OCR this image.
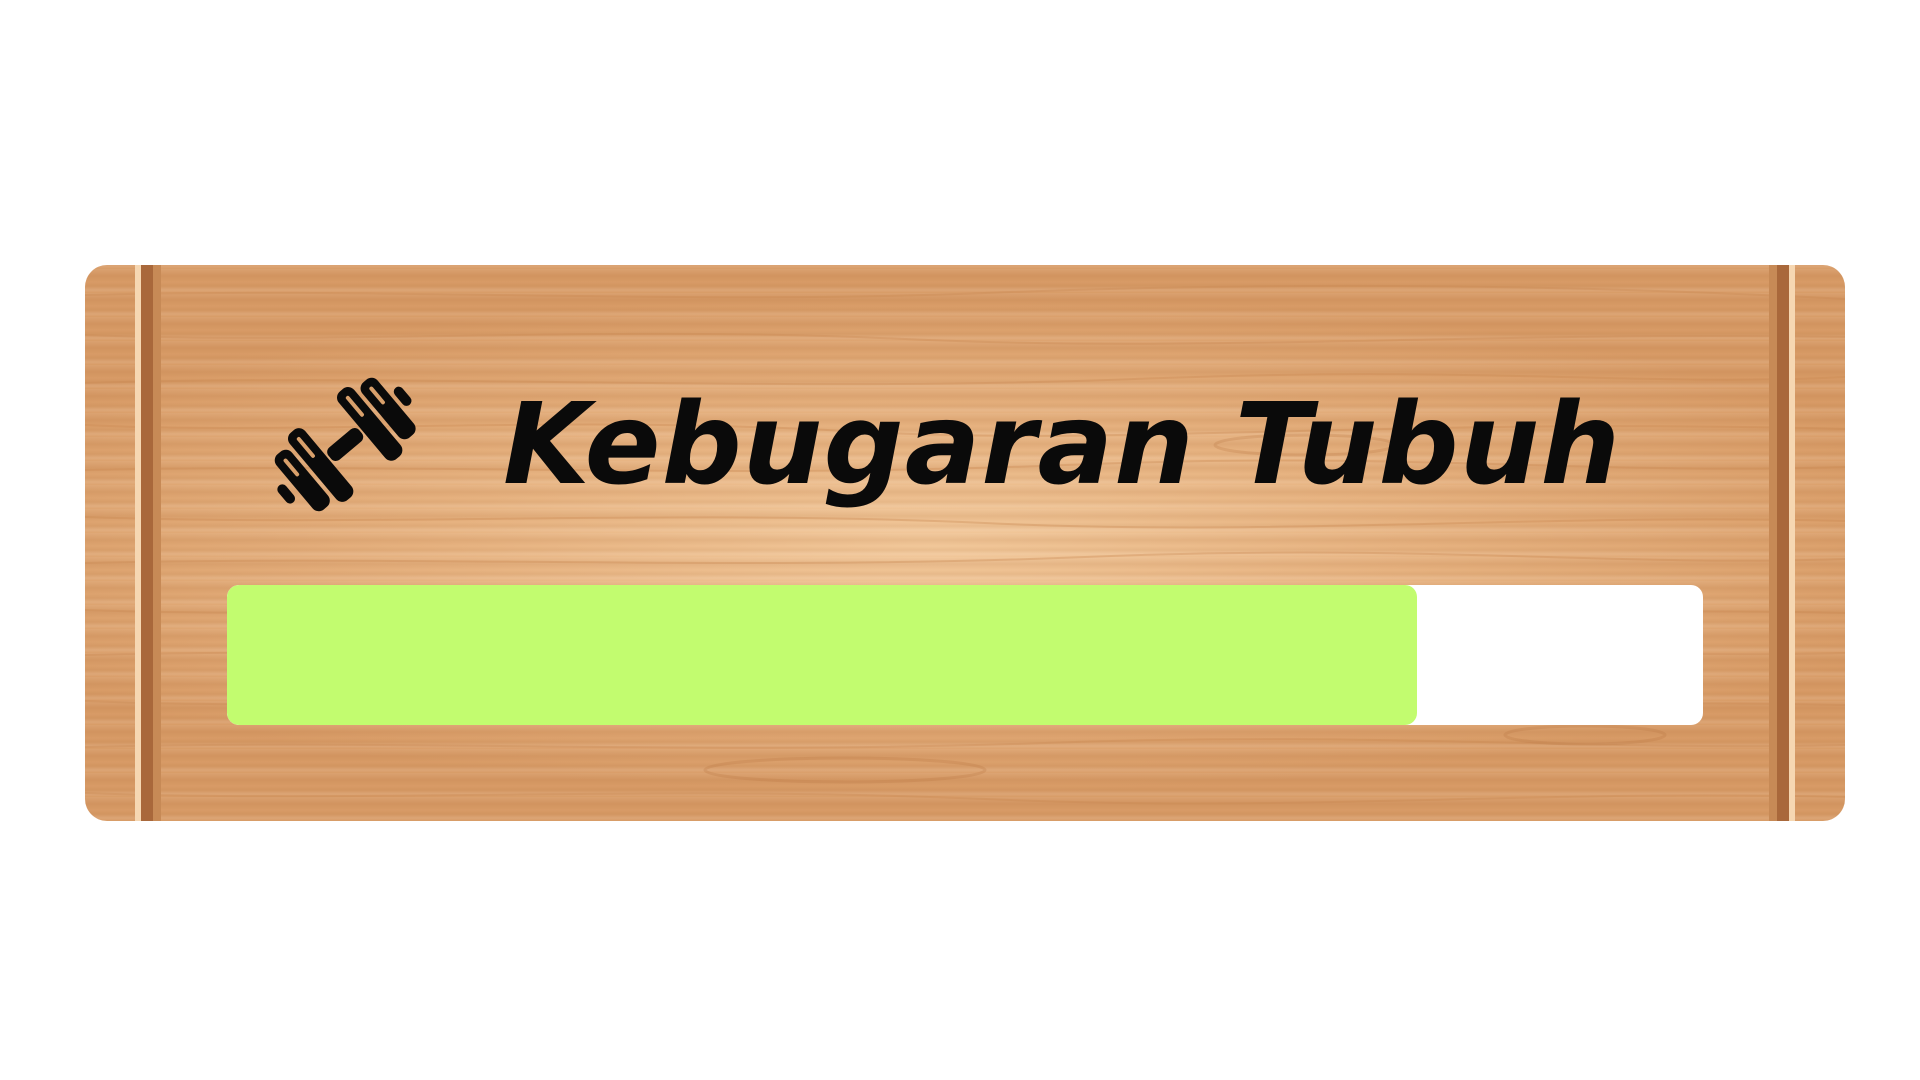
Kebugaran Tubuh
